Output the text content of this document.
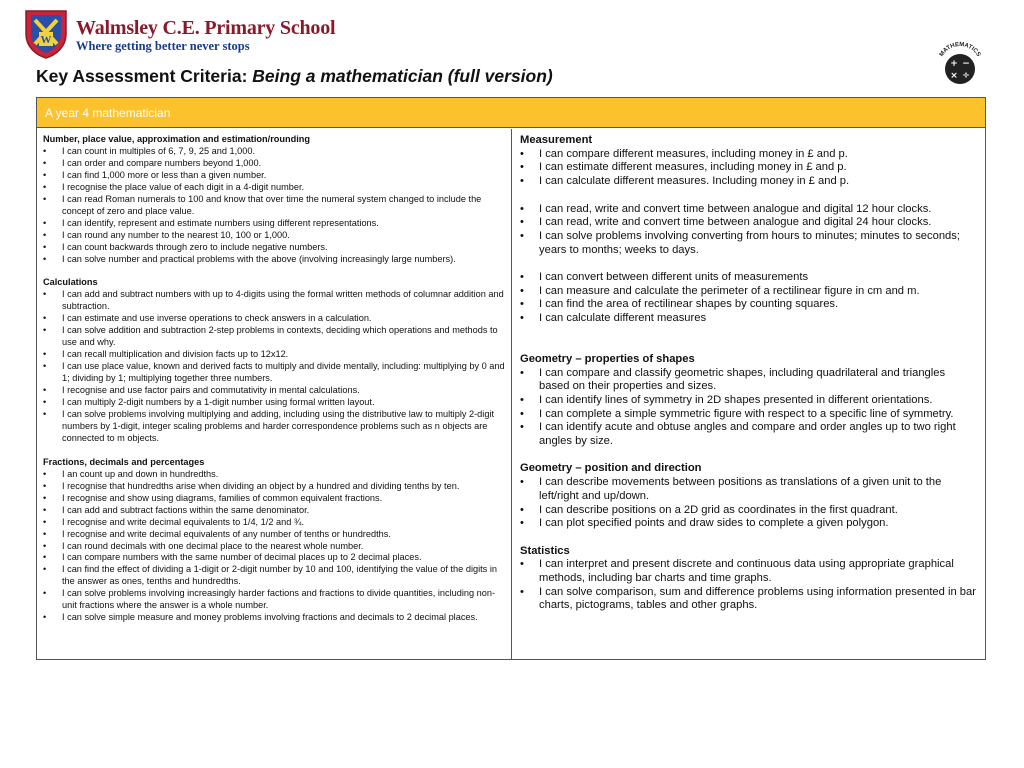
W
Walmsley C.E. Primary School
Where getting better never stops
MATHEMATICS
+ −
× ÷
Key Assessment Criteria: Being a mathematician (full version)
A year 4 mathematician
Number, place value, approximation and estimation/rounding
• I can count in multiples of 6, 7, 9, 25 and 1,000.
• I can order and compare numbers beyond 1,000.
• I can find 1,000 more or less than a given number.
• I recognise the place value of each digit in a 4-digit number.
• I can read Roman numerals to 100 and know that over time the numeral system changed to include the concept of zero and place value.
• I can identify, represent and estimate numbers using different representations.
• I can round any number to the nearest 10, 100 or 1,000.
• I can count backwards through zero to include negative numbers.
• I can solve number and practical problems with the above (involving increasingly large numbers).
Calculations
• I can add and subtract numbers with up to 4-digits using the formal written methods of columnar addition and subtraction.
• I can estimate and use inverse operations to check answers in a calculation.
• I can solve addition and subtraction 2-step problems in contexts, deciding which operations and methods to use and why.
• I can recall multiplication and division facts up to 12x12.
• I can use place value, known and derived facts to multiply and divide mentally, including: multiplying by 0 and 1; dividing by 1; multiplying together three numbers.
• I recognise and use factor pairs and commutativity in mental calculations.
• I can multiply 2-digit numbers by a 1-digit number using formal written layout.
• I can solve problems involving multiplying and adding, including using the distributive law to multiply 2-digit numbers by 1-digit, integer scaling problems and harder correspondence problems such as n objects are connected to m objects.
Fractions, decimals and percentages
• I an count up and down in hundredths.
• I recognise that hundredths arise when dividing an object by a hundred and dividing tenths by ten.
• I recognise and show using diagrams, families of common equivalent fractions.
• I can add and subtract factions within the same denominator.
• I recognise and write decimal equivalents to 1/4, 1/2 and ¾.
• I recognise and write decimal equivalents of any number of tenths or hundredths.
• I can round decimals with one decimal place to the nearest whole number.
• I can compare numbers with the same number of decimal places up to 2 decimal places.
• I can find the effect of dividing a 1-digit or 2-digit number by 10 and 100, identifying the value of the digits in the answer as ones, tenths and hundredths.
• I can solve problems involving increasingly harder factions and fractions to divide quantities, including non-unit fractions where the answer is a whole number.
• I can solve simple measure and money problems involving fractions and decimals to 2 decimal places.
Measurement
• I can compare different measures, including money in £ and p.
• I can estimate different measures, including money in £ and p.
• I can calculate different measures. Including money in £ and p.
• I can read, write and convert time between analogue and digital 12 hour clocks.
• I can read, write and convert time between analogue and digital 24 hour clocks.
• I can solve problems involving converting from hours to minutes; minutes to seconds; years to months; weeks to days.
• I can convert between different units of measurements
• I can measure and calculate the perimeter of a rectilinear figure in cm and m.
• I can find the area of rectilinear shapes by counting squares.
• I can calculate different measures
Geometry – properties of shapes
• I can compare and classify geometric shapes, including quadrilateral and triangles based on their properties and sizes.
• I can identify lines of symmetry in 2D shapes presented in different orientations.
• I can complete a simple symmetric figure with respect to a specific line of symmetry.
• I can identify acute and obtuse angles and compare and order angles up to two right angles by size.
Geometry – position and direction
• I can describe movements between positions as translations of a given unit to the left/right and up/down.
• I can describe positions on a 2D grid as coordinates in the first quadrant.
• I can plot specified points and draw sides to complete a given polygon.
Statistics
• I can interpret and present discrete and continuous data using appropriate graphical methods, including bar charts and time graphs.
• I can solve comparison, sum and difference problems using information presented in bar charts, pictograms, tables and other graphs.
